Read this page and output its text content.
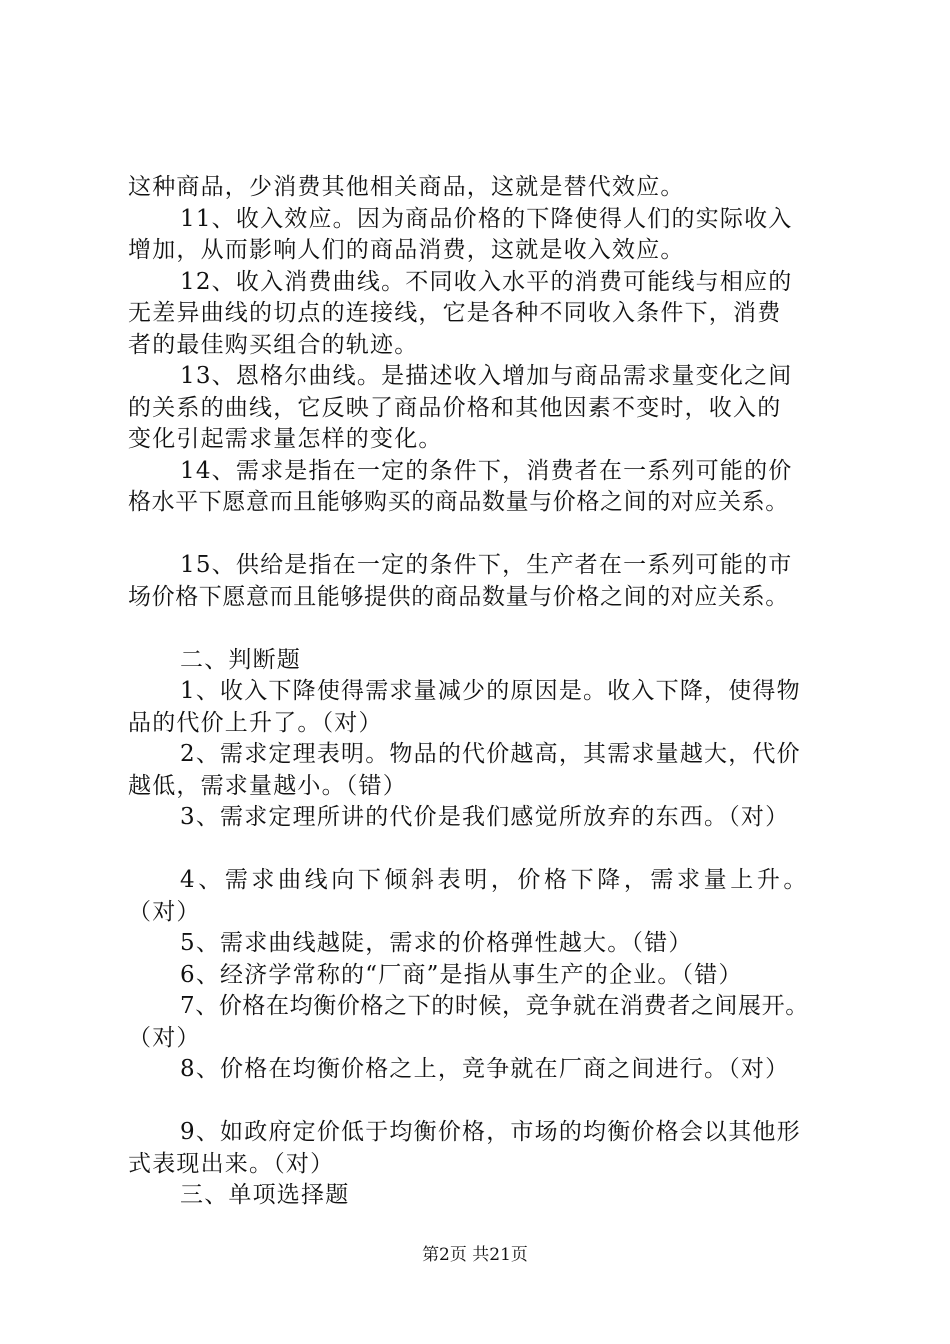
这种商品，少消费其他相关商品，这就是替代效应。
11、收入效应。因为商品价格的下降使得人们的实际收入
增加，从而影响人们的商品消费，这就是收入效应。
12、收入消费曲线。不同收入水平的消费可能线与相应的
无差异曲线的切点的连接线，它是各种不同收入条件下，消费
者的最佳购买组合的轨迹。
13、恩格尔曲线。是描述收入增加与商品需求量变化之间
的关系的曲线，它反映了商品价格和其他因素不变时，收入的
变化引起需求量怎样的变化。
14、需求是指在一定的条件下，消费者在一系列可能的价
格水平下愿意而且能够购买的商品数量与价格之间的对应关系。
15、供给是指在一定的条件下，生产者在一系列可能的市
场价格下愿意而且能够提供的商品数量与价格之间的对应关系。
二、判断题
1、收入下降使得需求量减少的原因是。收入下降，使得物
品的代价上升了。（对）
2、需求定理表明。物品的代价越高，其需求量越大，代价
越低，需求量越小。（错）
3、需求定理所讲的代价是我们感觉所放弃的东西。（对）
4、需求曲线向下倾斜表明，价格下降，需求量上升。
（对）
5、需求曲线越陡，需求的价格弹性越大。（错）
6、经济学常称的“厂商”是指从事生产的企业。（错）
7、价格在均衡价格之下的时候，竞争就在消费者之间展开。
（对）
8、价格在均衡价格之上，竞争就在厂商之间进行。（对）
9、如政府定价低于均衡价格，市场的均衡价格会以其他形
式表现出来。（对）
三、单项选择题
第2页 共21页
